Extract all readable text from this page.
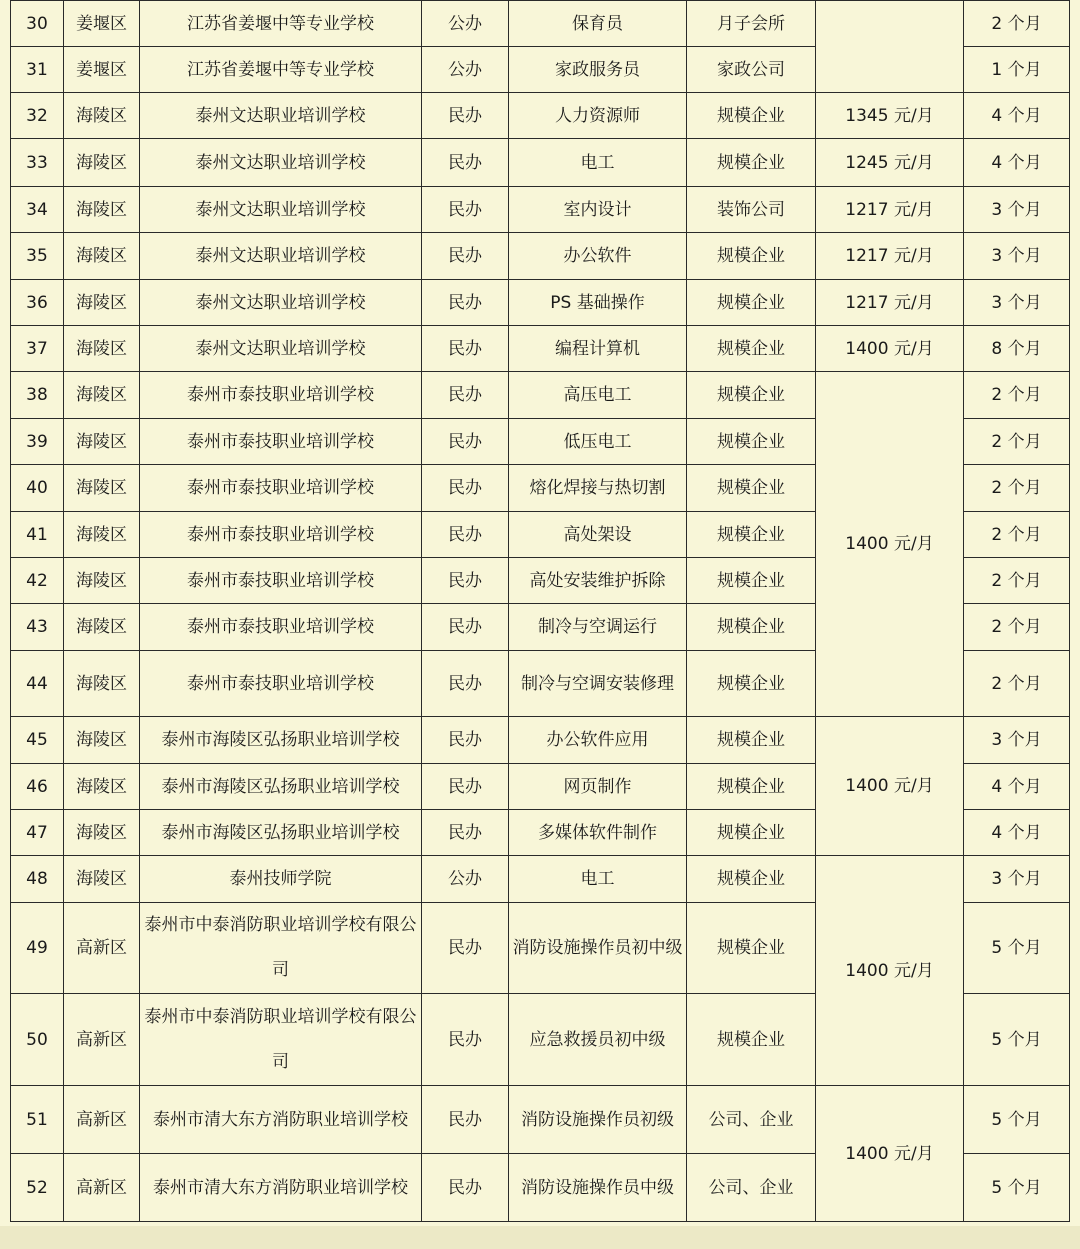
30	姜堰区	江苏省姜堰中等专业学校	公办	保育员	月子会所		2 个月
31	姜堰区	江苏省姜堰中等专业学校	公办	家政服务员	家政公司		1 个月
32	海陵区	泰州文达职业培训学校	民办	人力资源师	规模企业	1345 元/月	4 个月
33	海陵区	泰州文达职业培训学校	民办	电工	规模企业	1245 元/月	4 个月
34	海陵区	泰州文达职业培训学校	民办	室内设计	装饰公司	1217 元/月	3 个月
35	海陵区	泰州文达职业培训学校	民办	办公软件	规模企业	1217 元/月	3 个月
36	海陵区	泰州文达职业培训学校	民办	PS 基础操作	规模企业	1217 元/月	3 个月
37	海陵区	泰州文达职业培训学校	民办	编程计算机	规模企业	1400 元/月	8 个月
38	海陵区	泰州市泰技职业培训学校	民办	高压电工	规模企业	1400 元/月	2 个月
39	海陵区	泰州市泰技职业培训学校	民办	低压电工	规模企业		2 个月
40	海陵区	泰州市泰技职业培训学校	民办	熔化焊接与热切割	规模企业		2 个月
41	海陵区	泰州市泰技职业培训学校	民办	高处架设	规模企业		2 个月
42	海陵区	泰州市泰技职业培训学校	民办	高处安装维护拆除	规模企业		2 个月
43	海陵区	泰州市泰技职业培训学校	民办	制冷与空调运行	规模企业		2 个月
44	海陵区	泰州市泰技职业培训学校	民办	制冷与空调安装修理	规模企业		2 个月
45	海陵区	泰州市海陵区弘扬职业培训学校	民办	办公软件应用	规模企业	1400 元/月	3 个月
46	海陵区	泰州市海陵区弘扬职业培训学校	民办	网页制作	规模企业		4 个月
47	海陵区	泰州市海陵区弘扬职业培训学校	民办	多媒体软件制作	规模企业		4 个月
48	海陵区	泰州技师学院	公办	电工	规模企业	1400 元/月	3 个月
49	高新区	泰州市中泰消防职业培训学校有限公司	民办	消防设施操作员初中级	规模企业		5 个月
50	高新区	泰州市中泰消防职业培训学校有限公司	民办	应急救援员初中级	规模企业		5 个月
51	高新区	泰州市清大东方消防职业培训学校	民办	消防设施操作员初级	公司、企业	1400 元/月	5 个月
52	高新区	泰州市清大东方消防职业培训学校	民办	消防设施操作员中级	公司、企业		5 个月
